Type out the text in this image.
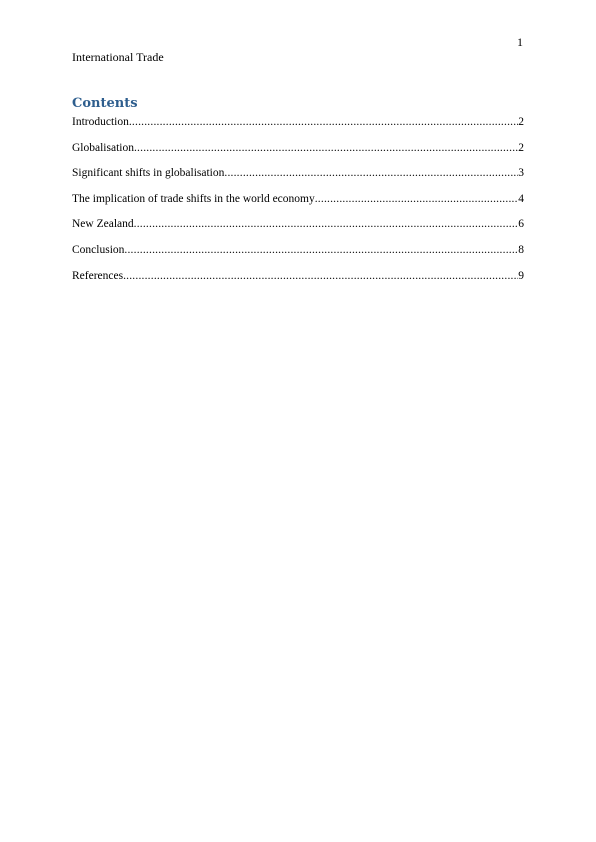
1
International Trade
Contents
Introduction .....	2
Globalisation .....	2
Significant shifts in globalisation .....	3
The implication of trade shifts in the world economy .....	4
New Zealand .....	6
Conclusion .....	8
References .....	9
